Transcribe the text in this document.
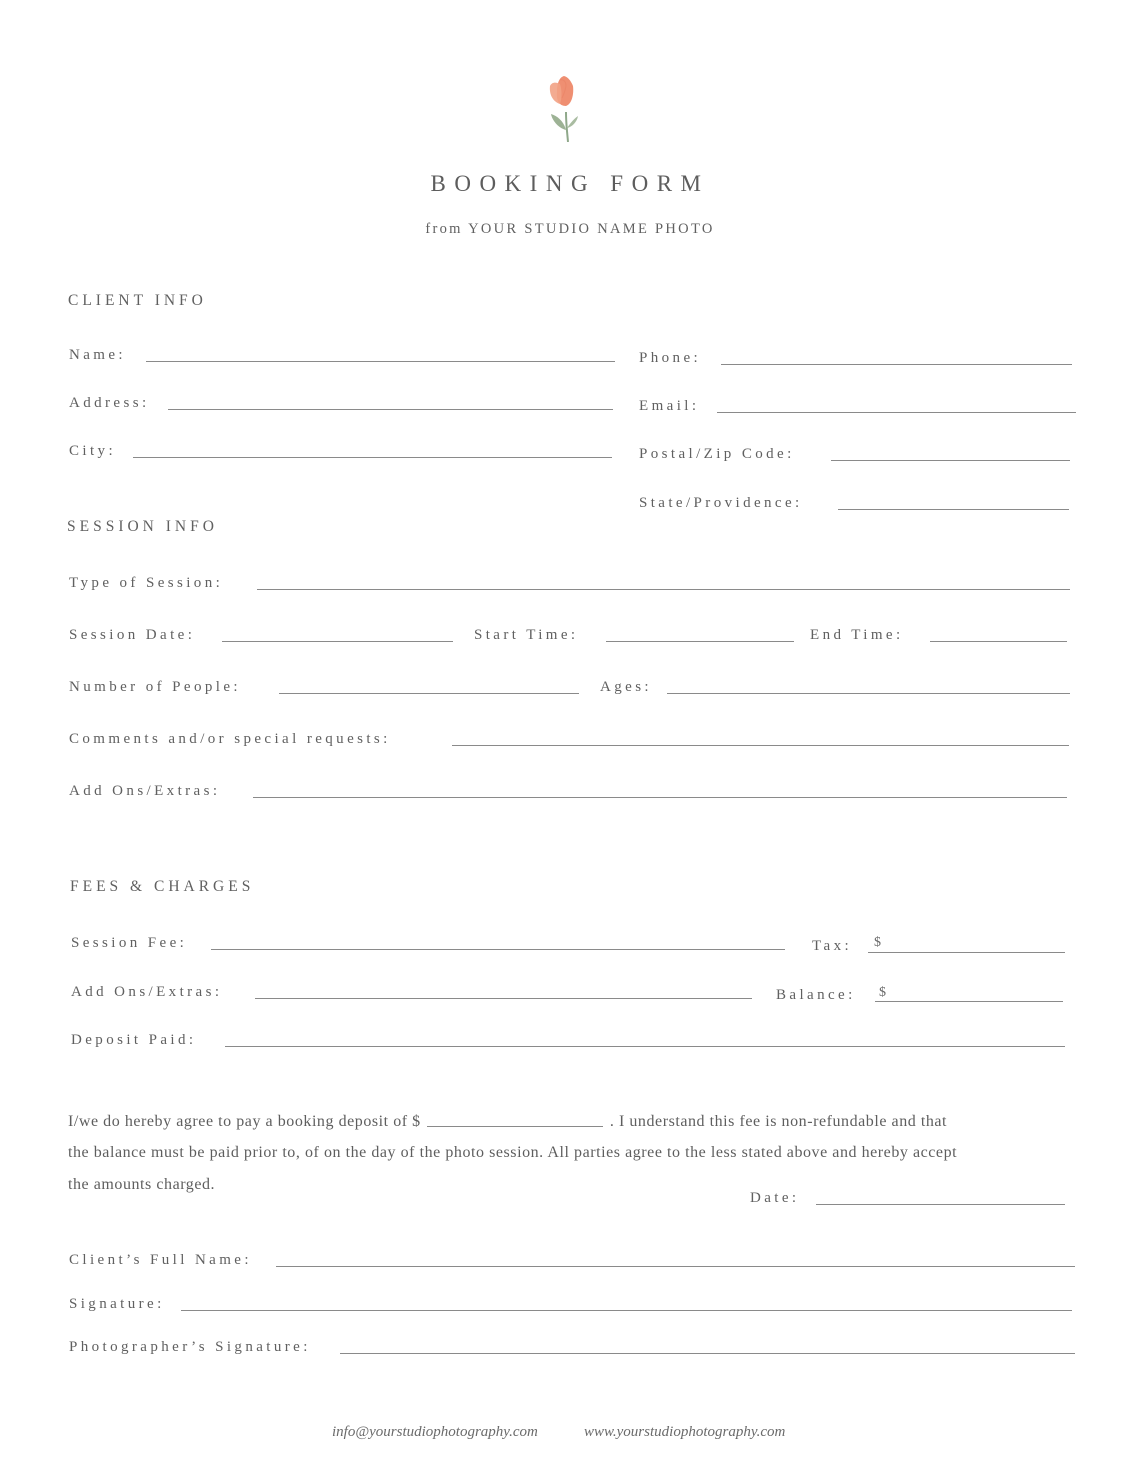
BOOKING FORM
from YOUR STUDIO NAME PHOTO
CLIENT INFO
Name:	Phone:
Address:	Email:
City:	Postal/Zip Code:
State/Providence:
SESSION INFO
Type of Session:
Session Date:	Start Time:	End Time:
Number of People:	Ages:
Comments and/or special requests:
Add Ons/Extras:
FEES & CHARGES
Session Fee:	Tax: $
Add Ons/Extras:	Balance: $
Deposit Paid:
I/we do hereby agree to pay a booking deposit of $	. I understand this fee is non-refundable and that
the balance must be paid prior to, of on the day of the photo session. All parties agree to the less stated above and hereby accept
the amounts charged.
Date:
Client’s Full Name:
Signature:
Photographer’s Signature:
info@yourstudiophotography.com	www.yourstudiophotography.com
